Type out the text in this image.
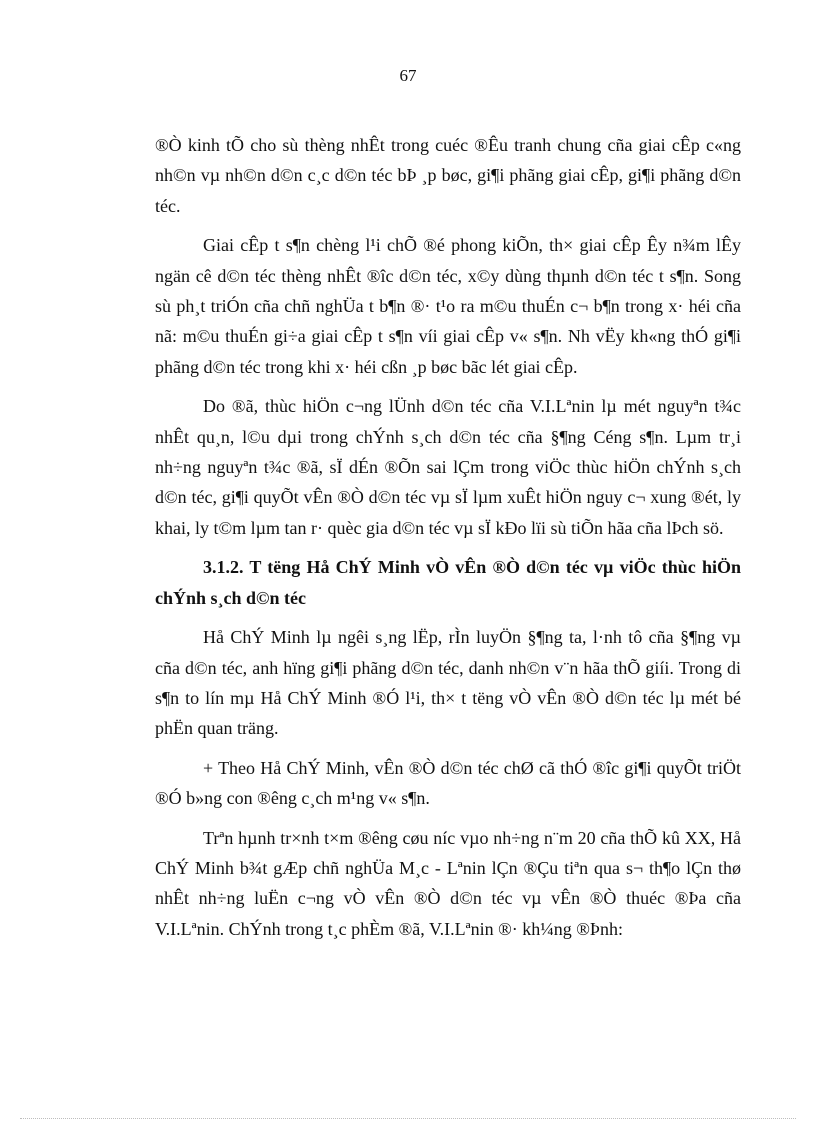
67

®Ò kinh tÕ cho sù thèng nhÊt trong cuéc ®Êu tranh chung cña giai cÊp c«ng nh©n vµ nh©n d©n c¸c d©n téc bÞ ¸p bøc, gi¶i phãng giai cÊp, gi¶i phãng d©n téc.

Giai cÊp t s¶n chèng l¹i chÕ ®é phong kiÕn, th× giai cÊp Êy n¾m lÊy ngän cê d©n téc thèng nhÊt ®îc d©n téc, x©y dùng thµnh d©n téc t s¶n. Song sù ph¸t triÓn cña chñ nghÜa t b¶n ®· t¹o ra m©u thuÉn c¬ b¶n trong x· héi cña nã: m©u thuÉn gi÷a giai cÊp t s¶n víi giai cÊp v« s¶n. Nh vËy kh«ng thÓ gi¶i phãng d©n téc trong khi x· héi cßn ¸p bøc bãc lét giai cÊp.

Do ®ã, thùc hiÖn c¬ng lÜnh d©n téc cña V.I.Lªnin lµ mét nguyªn t¾c nhÊt qu¸n, l©u dµi trong chÝnh s¸ch d©n téc cña §¶ng Céng s¶n. Lµm tr¸i nh÷ng nguyªn t¾c ®ã, sÏ dÉn ®Õn sai lÇm trong viÖc thùc hiÖn chÝnh s¸ch d©n téc, gi¶i quyÕt vÊn ®Ò d©n téc vµ sÏ lµm xuÊt hiÖn nguy c¬ xung ®ét, ly khai, ly t©m lµm tan r· quèc gia d©n téc vµ sÏ kÐo lïi sù tiÕn hãa cña lÞch sö.

3.1.2. T tëng Hå ChÝ Minh vÒ vÊn ®Ò d©n téc vµ viÖc thùc hiÖn chÝnh s¸ch d©n téc

Hå ChÝ Minh lµ ngêi s¸ng lËp, rÌn luyÖn §¶ng ta, l·nh tô cña §¶ng vµ cña d©n téc, anh hïng gi¶i phãng d©n téc, danh nh©n v¨n hãa thÕ giíi. Trong di s¶n to lín mµ Hå ChÝ Minh ®Ó l¹i, th× t tëng vÒ vÊn ®Ò d©n téc lµ mét bé phËn quan träng.

+ Theo Hå ChÝ Minh, vÊn ®Ò d©n téc chØ cã thÓ ®îc gi¶i quyÕt triÖt ®Ó b»ng con ®êng c¸ch m¹ng v« s¶n.

Trªn hµnh tr×nh t×m ®êng cøu níc vµo nh÷ng n¨m 20 cña thÕ kû XX, Hå ChÝ Minh b¾t gÆp chñ nghÜa M¸c - Lªnin lÇn ®Çu tiªn qua s¬ th¶o lÇn thø nhÊt nh÷ng luËn c¬ng vÒ vÊn ®Ò d©n téc vµ vÊn ®Ò thuéc ®Þa cña V.I.Lªnin. ChÝnh trong t¸c phÈm ®ã, V.I.Lªnin ®· kh¼ng ®Þnh:
